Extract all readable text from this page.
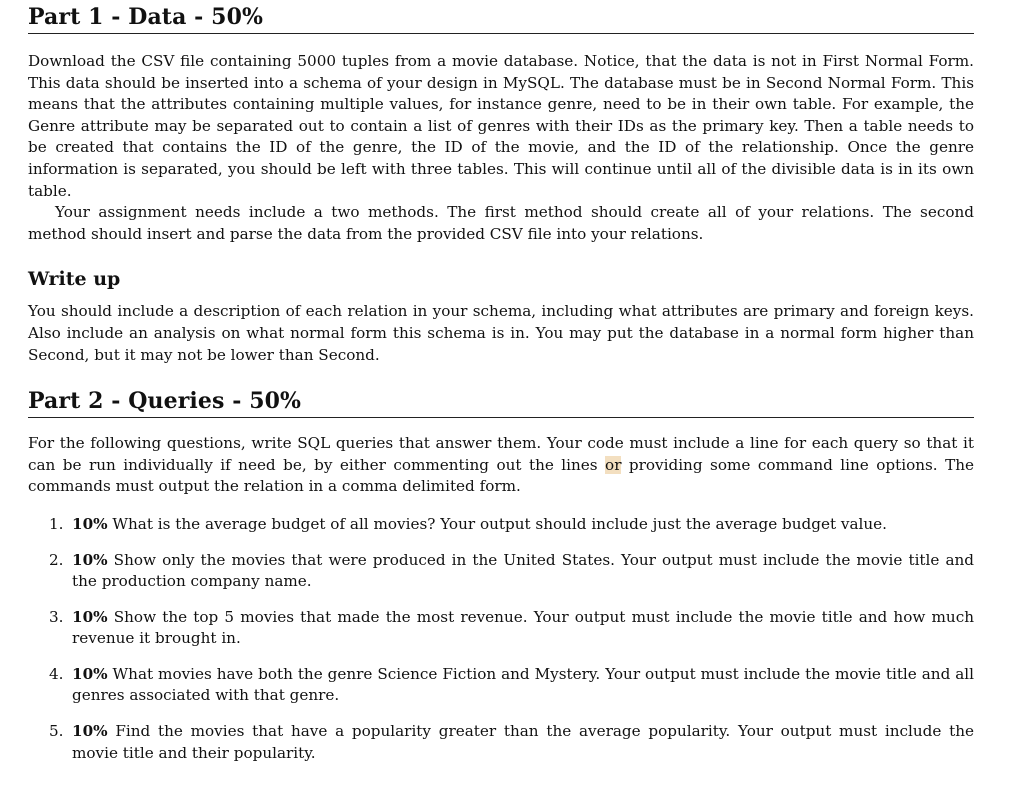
Part 1 - Data - 50%

Download the CSV file containing 5000 tuples from a movie database. Notice, that the data is not in First Normal Form. This data should be inserted into a schema of your design in MySQL. The database must be in Second Normal Form. This means that the attributes containing multiple values, for instance genre, need to be in their own table. For example, the Genre attribute may be separated out to contain a list of genres with their IDs as the primary key. Then a table needs to be created that contains the ID of the genre, the ID of the movie, and the ID of the relationship. Once the genre information is separated, you should be left with three tables. This will continue until all of the divisible data is in its own table.

Your assignment needs include a two methods. The first method should create all of your relations. The second method should insert and parse the data from the provided CSV file into your relations.

Write up

You should include a description of each relation in your schema, including what attributes are primary and foreign keys. Also include an analysis on what normal form this schema is in. You may put the database in a normal form higher than Second, but it may not be lower than Second.

Part 2 - Queries - 50%

For the following questions, write SQL queries that answer them. Your code must include a line for each query so that it can be run individually if need be, by either commenting out the lines or providing some command line options. The commands must output the relation in a comma delimited form.

1. 10% What is the average budget of all movies? Your output should include just the average budget value.
2. 10% Show only the movies that were produced in the United States. Your output must include the movie title and the production company name.
3. 10% Show the top 5 movies that made the most revenue. Your output must include the movie title and how much revenue it brought in.
4. 10% What movies have both the genre Science Fiction and Mystery. Your output must include the movie title and all genres associated with that genre.
5. 10% Find the movies that have a popularity greater than the average popularity. Your output must include the movie title and their popularity.
